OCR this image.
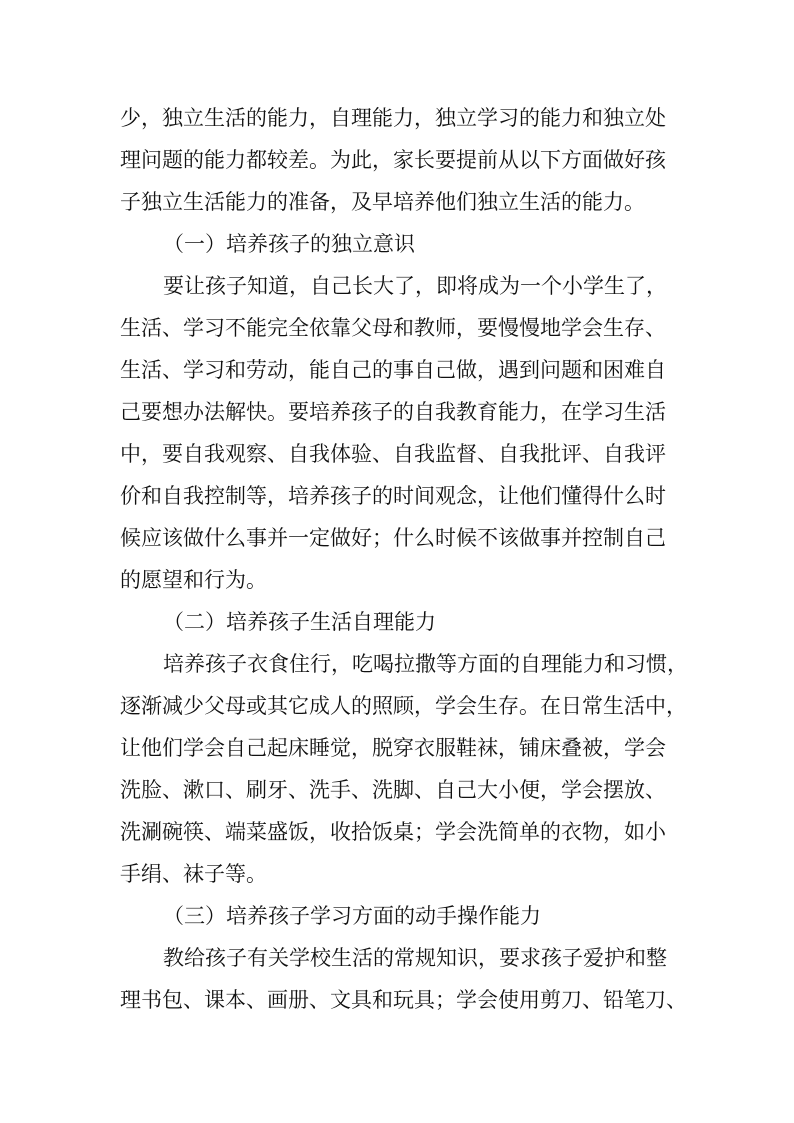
少，独立生活的能力，自理能力，独立学习的能力和独立处
理问题的能力都较差。为此，家长要提前从以下方面做好孩
子独立生活能力的准备，及早培养他们独立生活的能力。
（一）培养孩子的独立意识
要让孩子知道，自己长大了，即将成为一个小学生了，
生活、学习不能完全依靠父母和教师，要慢慢地学会生存、
生活、学习和劳动，能自己的事自己做，遇到问题和困难自
己要想办法解快。要培养孩子的自我教育能力，在学习生活
中，要自我观察、自我体验、自我监督、自我批评、自我评
价和自我控制等，培养孩子的时间观念，让他们懂得什么时
候应该做什么事并一定做好；什么时候不该做事并控制自己
的愿望和行为。
（二）培养孩子生活自理能力
培养孩子衣食住行，吃喝拉撒等方面的自理能力和习惯，
逐渐减少父母或其它成人的照顾，学会生存。在日常生活中，
让他们学会自己起床睡觉，脱穿衣服鞋袜，铺床叠被，学会
洗脸、漱口、刷牙、洗手、洗脚、自己大小便，学会摆放、
洗涮碗筷、端菜盛饭，收拾饭桌；学会洗简单的衣物，如小
手绢、袜子等。
（三）培养孩子学习方面的动手操作能力
教给孩子有关学校生活的常规知识，要求孩子爱护和整
理书包、课本、画册、文具和玩具；学会使用剪刀、铅笔刀、
